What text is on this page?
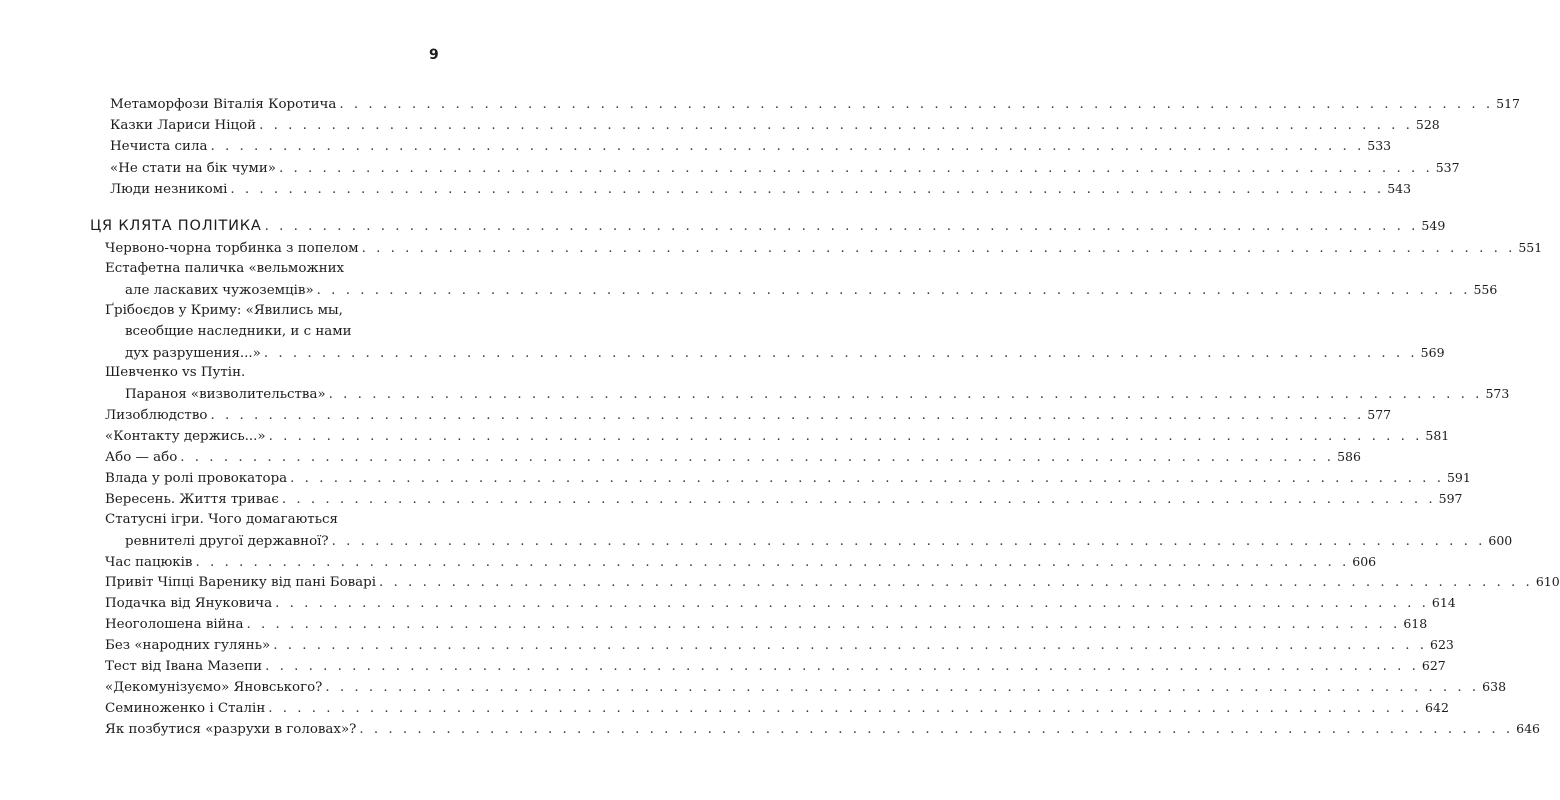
9
Метаморфози Віталія Коротича . . . . . . . . . . . . . . . . . . . . . . . . . . . . . . . . . . . . . . . . . . . . . . . . . . . . . . . . . . . . . . . . . . . . . . . . . . . . . . . . 517
Казки Лариси Ніцой . . . . . . . . . . . . . . . . . . . . . . . . . . . . . . . . . . . . . . . . . . . . . . . . . . . . . . . . . . . . . . . . . . . . . . . . . . . . . . . . 528
Нечиста сила . . . . . . . . . . . . . . . . . . . . . . . . . . . . . . . . . . . . . . . . . . . . . . . . . . . . . . . . . . . . . . . . . . . . . . . . . . . . . . . . 533
«Не стати на бік чуми» . . . . . . . . . . . . . . . . . . . . . . . . . . . . . . . . . . . . . . . . . . . . . . . . . . . . . . . . . . . . . . . . . . . . . . . . . . . . . . . . 537
Люди незникомі . . . . . . . . . . . . . . . . . . . . . . . . . . . . . . . . . . . . . . . . . . . . . . . . . . . . . . . . . . . . . . . . . . . . . . . . . . . . . . . . 543
ЦЯ КЛЯТА ПОЛІТИКА . . . . . . . . . . . . . . . . . . . . . . . . . . . . . . . . . . . . . . . . . . . . . . . . . . . . . . . . . . . . . . . . . . . . . . . . . . . . . . . . 549
Червоно-чорна торбинка з попелом . . . . . . . . . . . . . . . . . . . . . . . . . . . . . . . . . . . . . . . . . . . . . . . . . . . . . . . . . . . . . . . . . . . . . . . . . . . . . . . . 551
Естафетна паличка «вельможних
але ласкавих чужоземців» . . . . . . . . . . . . . . . . . . . . . . . . . . . . . . . . . . . . . . . . . . . . . . . . . . . . . . . . . . . . . . . . . . . . . . . . . . . . . . . . 556
Ґрібоєдов у Криму: «Явились мы,
всеобщие наследники, и с нами
дух разрушения...» . . . . . . . . . . . . . . . . . . . . . . . . . . . . . . . . . . . . . . . . . . . . . . . . . . . . . . . . . . . . . . . . . . . . . . . . . . . . . . . . 569
Шевченко vs Путін.
Параноя «визволительства» . . . . . . . . . . . . . . . . . . . . . . . . . . . . . . . . . . . . . . . . . . . . . . . . . . . . . . . . . . . . . . . . . . . . . . . . . . . . . . . . 573
Лизоблюдство . . . . . . . . . . . . . . . . . . . . . . . . . . . . . . . . . . . . . . . . . . . . . . . . . . . . . . . . . . . . . . . . . . . . . . . . . . . . . . . . 577
«Контакту держись...» . . . . . . . . . . . . . . . . . . . . . . . . . . . . . . . . . . . . . . . . . . . . . . . . . . . . . . . . . . . . . . . . . . . . . . . . . . . . . . . . 581
Або — або . . . . . . . . . . . . . . . . . . . . . . . . . . . . . . . . . . . . . . . . . . . . . . . . . . . . . . . . . . . . . . . . . . . . . . . . . . . . . . . . 586
Влада у ролі провокатора . . . . . . . . . . . . . . . . . . . . . . . . . . . . . . . . . . . . . . . . . . . . . . . . . . . . . . . . . . . . . . . . . . . . . . . . . . . . . . . . 591
Вересень. Життя триває . . . . . . . . . . . . . . . . . . . . . . . . . . . . . . . . . . . . . . . . . . . . . . . . . . . . . . . . . . . . . . . . . . . . . . . . . . . . . . . . 597
Статусні ігри. Чого домагаються
ревнителі другої державної? . . . . . . . . . . . . . . . . . . . . . . . . . . . . . . . . . . . . . . . . . . . . . . . . . . . . . . . . . . . . . . . . . . . . . . . . . . . . . . . . 600
Час пацюків . . . . . . . . . . . . . . . . . . . . . . . . . . . . . . . . . . . . . . . . . . . . . . . . . . . . . . . . . . . . . . . . . . . . . . . . . . . . . . . . 606
Привіт Чіпці Варенику від пані Боварі . . . . . . . . . . . . . . . . . . . . . . . . . . . . . . . . . . . . . . . . . . . . . . . . . . . . . . . . . . . . . . . . . . . . . . . . . . . . . . . . 610
Подачка від Януковича . . . . . . . . . . . . . . . . . . . . . . . . . . . . . . . . . . . . . . . . . . . . . . . . . . . . . . . . . . . . . . . . . . . . . . . . . . . . . . . . 614
Неоголошена війна . . . . . . . . . . . . . . . . . . . . . . . . . . . . . . . . . . . . . . . . . . . . . . . . . . . . . . . . . . . . . . . . . . . . . . . . . . . . . . . . 618
Без «народних гулянь» . . . . . . . . . . . . . . . . . . . . . . . . . . . . . . . . . . . . . . . . . . . . . . . . . . . . . . . . . . . . . . . . . . . . . . . . . . . . . . . . 623
Тест від Івана Мазепи . . . . . . . . . . . . . . . . . . . . . . . . . . . . . . . . . . . . . . . . . . . . . . . . . . . . . . . . . . . . . . . . . . . . . . . . . . . . . . . . 627
«Декомунізуємо» Яновського? . . . . . . . . . . . . . . . . . . . . . . . . . . . . . . . . . . . . . . . . . . . . . . . . . . . . . . . . . . . . . . . . . . . . . . . . . . . . . . . . 638
Семиноженко і Сталін . . . . . . . . . . . . . . . . . . . . . . . . . . . . . . . . . . . . . . . . . . . . . . . . . . . . . . . . . . . . . . . . . . . . . . . . . . . . . . . . 642
Як позбутися «разрухи в головах»? . . . . . . . . . . . . . . . . . . . . . . . . . . . . . . . . . . . . . . . . . . . . . . . . . . . . . . . . . . . . . . . . . . . . . . . . . . . . . . . . 646
